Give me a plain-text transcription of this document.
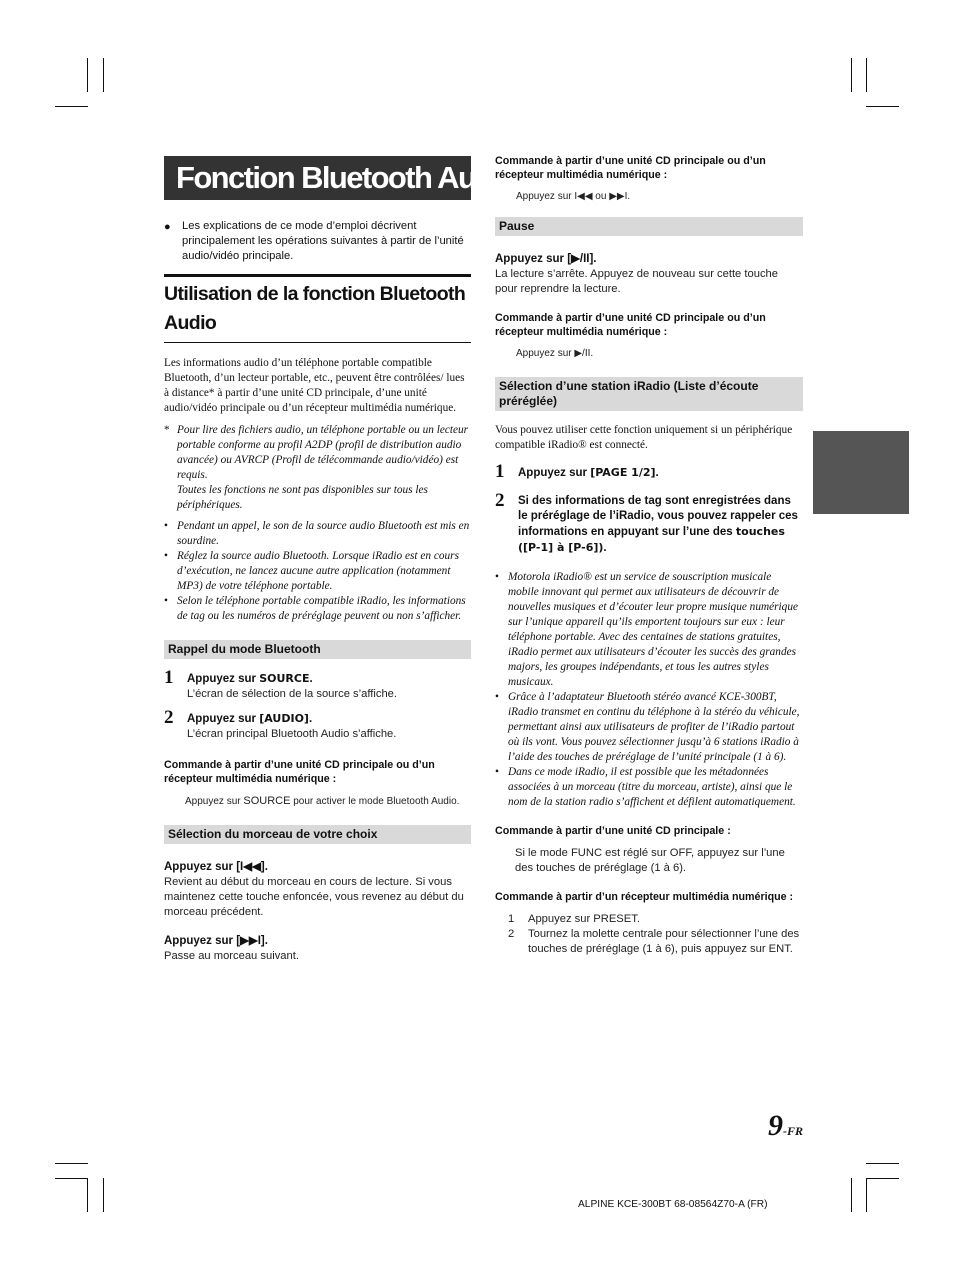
Fonction Bluetooth Audio
● Les explications de ce mode d’emploi décrivent principalement les opérations suivantes à partir de l’unité audio/vidéo principale.
Utilisation de la fonction Bluetooth Audio
Les informations audio d’un téléphone portable compatible Bluetooth, d’un lecteur portable, etc., peuvent être contrôlées/ lues à distance* à partir d’une unité CD principale, d’une unité audio/vidéo principale ou d’un récepteur multimédia numérique.
* Pour lire des fichiers audio, un téléphone portable ou un lecteur portable conforme au profil A2DP (profil de distribution audio avancée) ou AVRCP (Profil de télécommande audio/vidéo) est requis.
Toutes les fonctions ne sont pas disponibles sur tous les périphériques.
• Pendant un appel, le son de la source audio Bluetooth est mis en sourdine.
• Réglez la source audio Bluetooth. Lorsque iRadio est en cours d’exécution, ne lancez aucune autre application (notamment MP3) de votre téléphone portable.
• Selon le téléphone portable compatible iRadio, les informations de tag ou les numéros de préréglage peuvent ou non s’afficher.
Rappel du mode Bluetooth
1 Appuyez sur SOURCE.
L’écran de sélection de la source s’affiche.
2 Appuyez sur [AUDIO].
L’écran principal Bluetooth Audio s’affiche.
Commande à partir d’une unité CD principale ou d’un récepteur multimédia numérique :
Appuyez sur SOURCE pour activer le mode Bluetooth Audio.
Sélection du morceau de votre choix
Appuyez sur [I◀◀].
Revient au début du morceau en cours de lecture. Si vous maintenez cette touche enfoncée, vous revenez au début du morceau précédent.
Appuyez sur [▶▶I].
Passe au morceau suivant.
Commande à partir d’une unité CD principale ou d’un récepteur multimédia numérique :
Appuyez sur I◀◀ ou ▶▶I.
Pause
Appuyez sur [▶/II].
La lecture s’arrête. Appuyez de nouveau sur cette touche pour reprendre la lecture.
Commande à partir d’une unité CD principale ou d’un récepteur multimédia numérique :
Appuyez sur ▶/II.
Sélection d’une station iRadio (Liste d’écoute préréglée)
Vous pouvez utiliser cette fonction uniquement si un périphérique compatible iRadio® est connecté.
1 Appuyez sur [PAGE 1/2].
2 Si des informations de tag sont enregistrées dans le préréglage de l’iRadio, vous pouvez rappeler ces informations en appuyant sur l’une des touches ([P-1] à [P-6]).
• Motorola iRadio® est un service de souscription musicale mobile innovant qui permet aux utilisateurs de découvrir de nouvelles musiques et d’écouter leur propre musique numérique sur l’unique appareil qu’ils emportent toujours sur eux : leur téléphone portable. Avec des centaines de stations gratuites, iRadio permet aux utilisateurs d’écouter les succès des grandes majors, les groupes indépendants, et tous les autres styles musicaux.
• Grâce à l’adaptateur Bluetooth stéréo avancé KCE-300BT, iRadio transmet en continu du téléphone à la stéréo du véhicule, permettant ainsi aux utilisateurs de profiter de l’iRadio partout où ils vont. Vous pouvez sélectionner jusqu’à 6 stations iRadio à l’aide des touches de préréglage de l’unité principale (1 à 6).
• Dans ce mode iRadio, il est possible que les métadonnées associées à un morceau (titre du morceau, artiste), ainsi que le nom de la station radio s’affichent et défilent automatiquement.
Commande à partir d’une unité CD principale :
Si le mode FUNC est réglé sur OFF, appuyez sur l’une des touches de préréglage (1 à 6).
Commande à partir d’un récepteur multimédia numérique :
1 Appuyez sur PRESET.
2 Tournez la molette centrale pour sélectionner l’une des touches de préréglage (1 à 6), puis appuyez sur ENT.
9-FR
ALPINE KCE-300BT 68-08564Z70-A (FR)
